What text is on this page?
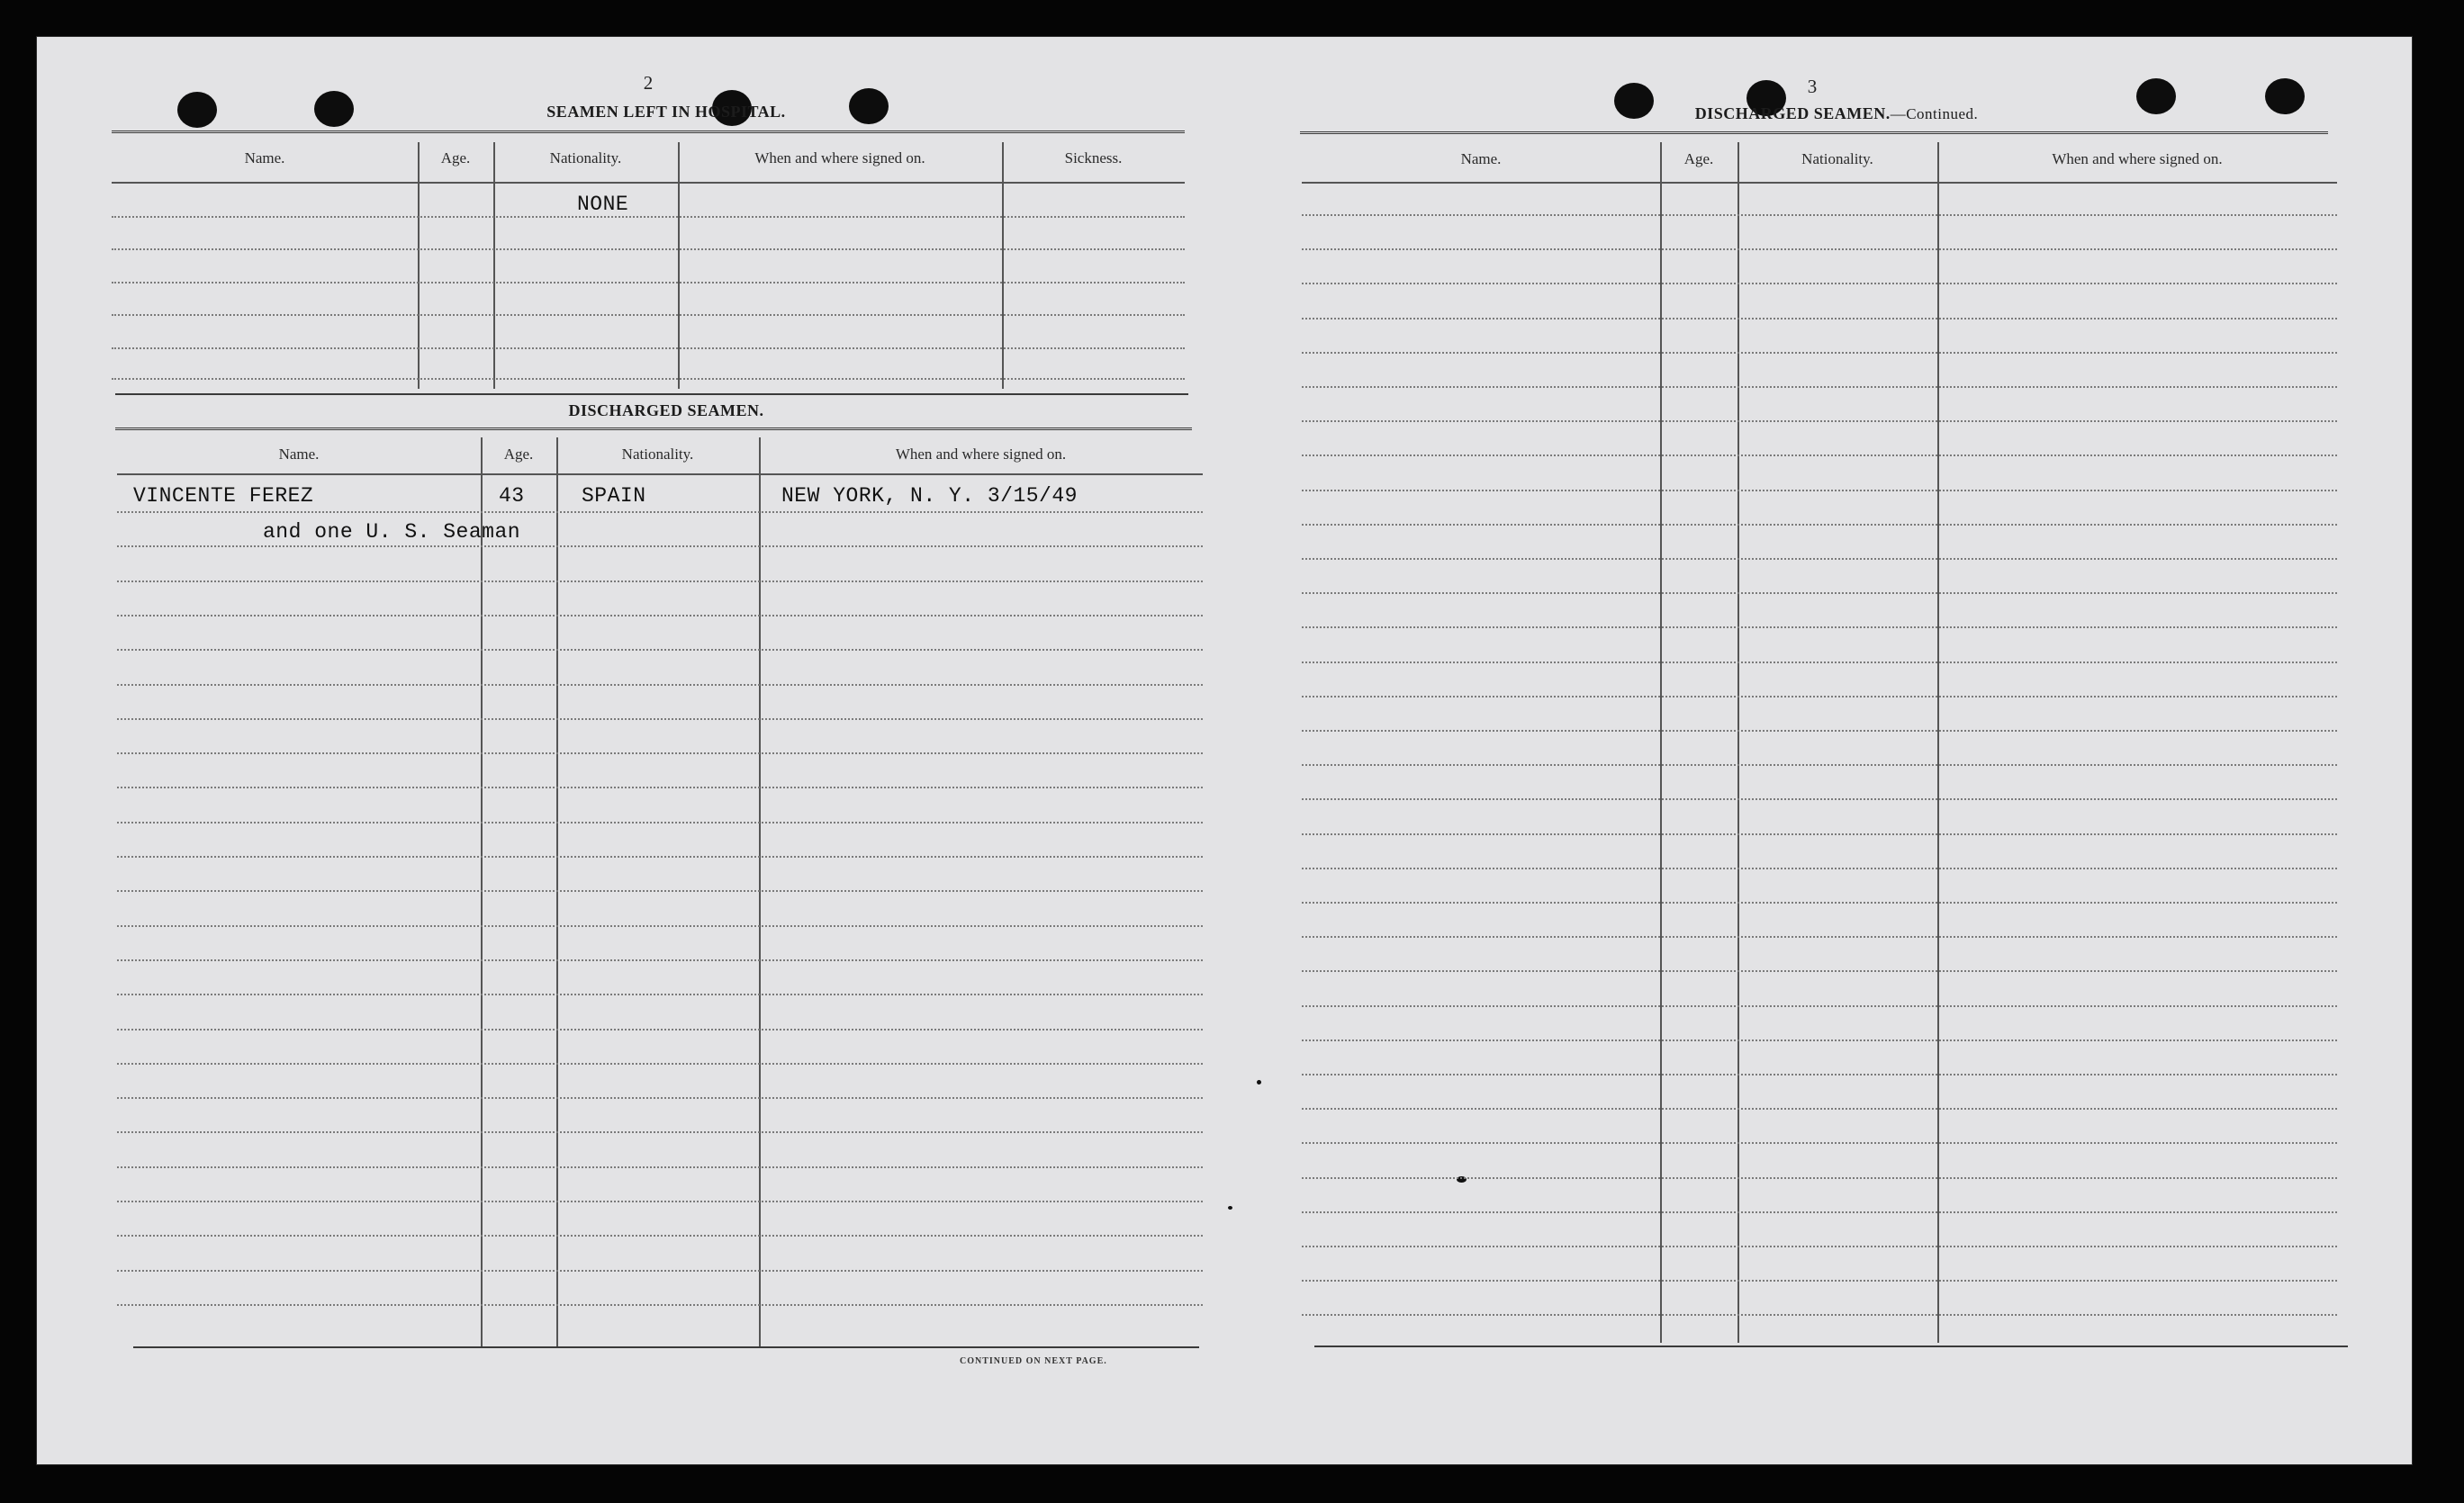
2
SEAMEN LEFT IN HOSPITAL.
Name.	Age.	Nationality.	When and where signed on.	Sickness.
NONE
DISCHARGED SEAMEN.
Name.	Age.	Nationality.	When and where signed on.
VINCENTE FEREZ	43	SPAIN	NEW YORK, N. Y. 3/15/49
and one U. S. Seaman
CONTINUED ON NEXT PAGE.
3
DISCHARGED SEAMEN.—Continued.
Name.	Age.	Nationality.	When and where signed on.
